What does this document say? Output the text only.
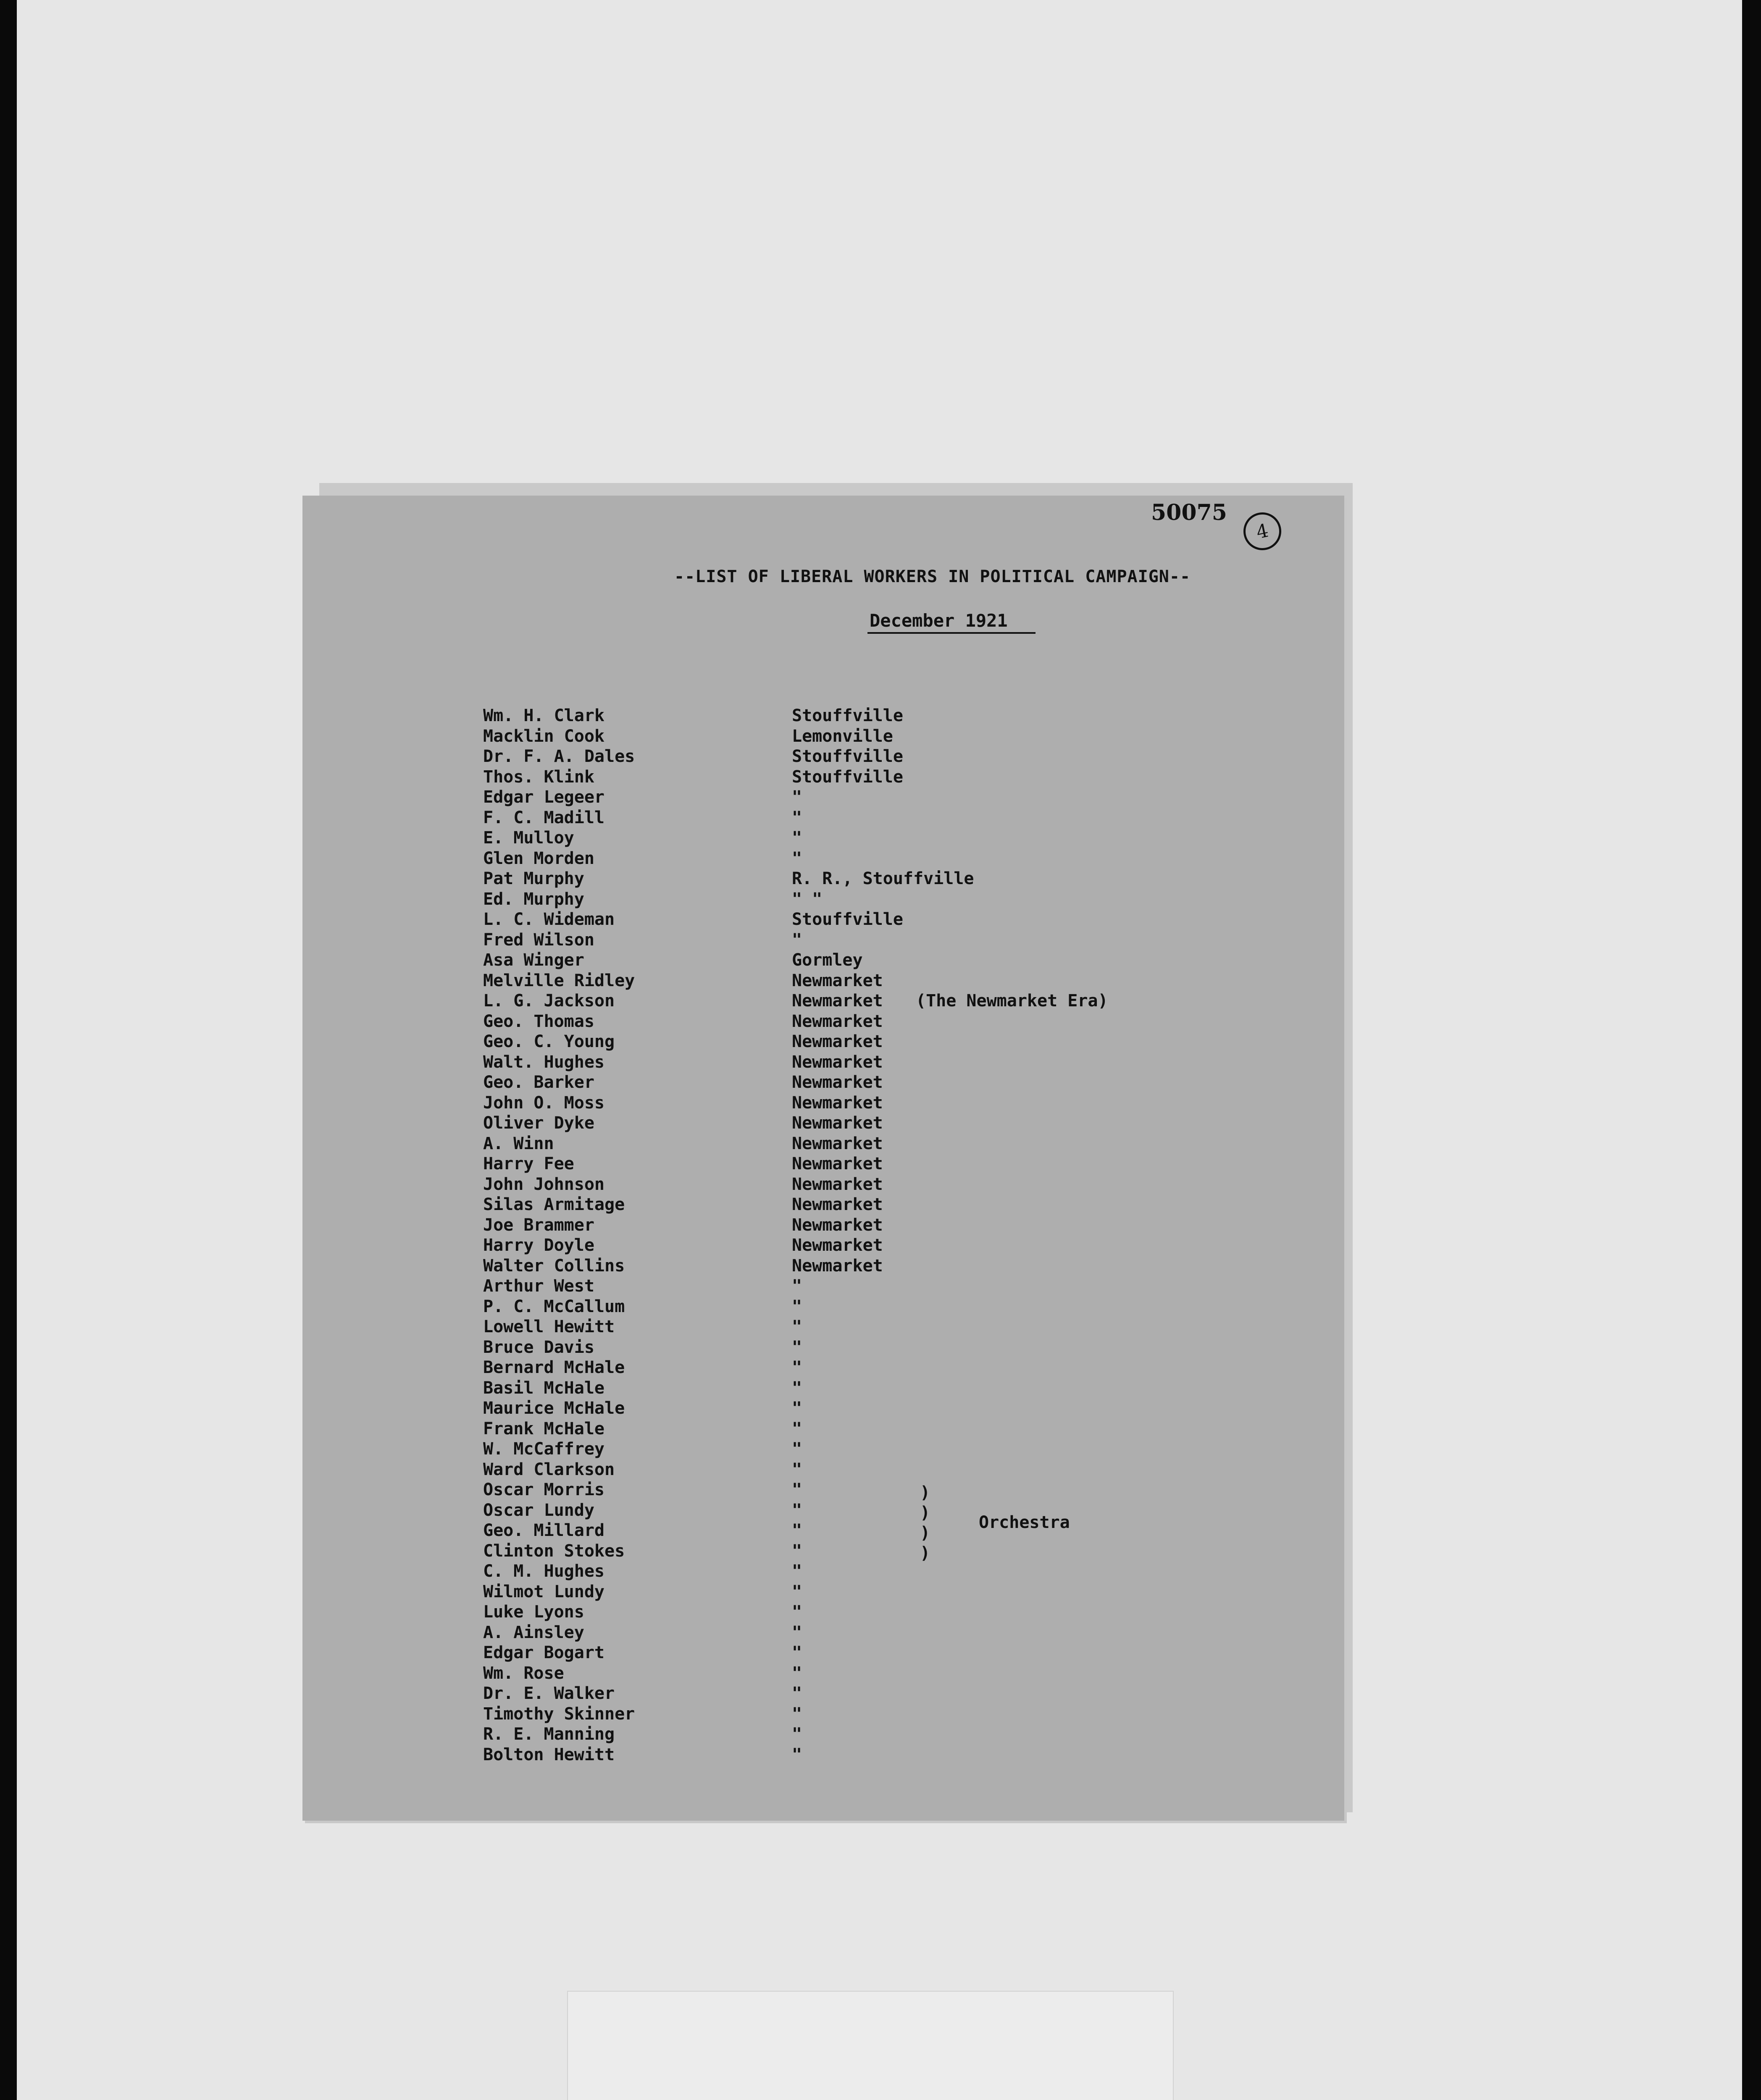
50075
4
--LIST OF LIBERAL WORKERS IN POLITICAL CAMPAIGN--
December 1921
Wm. H. Clark	Stouffville
Macklin Cook	Lemonville
Dr. F. A. Dales	Stouffville
Thos. Klink	Stouffville
Edgar Legeer	"
F. C. Madill	"
E. Mulloy	"
Glen Morden	"
Pat Murphy	R. R., Stouffville
Ed. Murphy	" "
L. C. Wideman	Stouffville
Fred Wilson	"
Asa Winger	Gormley
Melville Ridley	Newmarket
L. G. Jackson	Newmarket (The Newmarket Era)
Geo. Thomas	Newmarket
Geo. C. Young	Newmarket
Walt. Hughes	Newmarket
Geo. Barker	Newmarket
John O. Moss	Newmarket
Oliver Dyke	Newmarket
A. Winn	Newmarket
Harry Fee	Newmarket
John Johnson	Newmarket
Silas Armitage	Newmarket
Joe Brammer	Newmarket
Harry Doyle	Newmarket
Walter Collins	Newmarket
Arthur West	"
P. C. McCallum	"
Lowell Hewitt	"
Bruce Davis	"
Bernard McHale	"
Basil McHale	"
Maurice McHale	"
Frank McHale	"
W. McCaffrey	"
Ward Clarkson	"
Oscar Morris	"
Oscar Lundy	"
Geo. Millard	"
Clinton Stokes	"
C. M. Hughes	"
Wilmot Lundy	"
Luke Lyons	"
A. Ainsley	"
Edgar Bogart	"
Wm. Rose	"
Dr. E. Walker	"
Timothy Skinner	"
R. E. Manning	"
Bolton Hewitt	"
)
)
)
)
Orchestra
